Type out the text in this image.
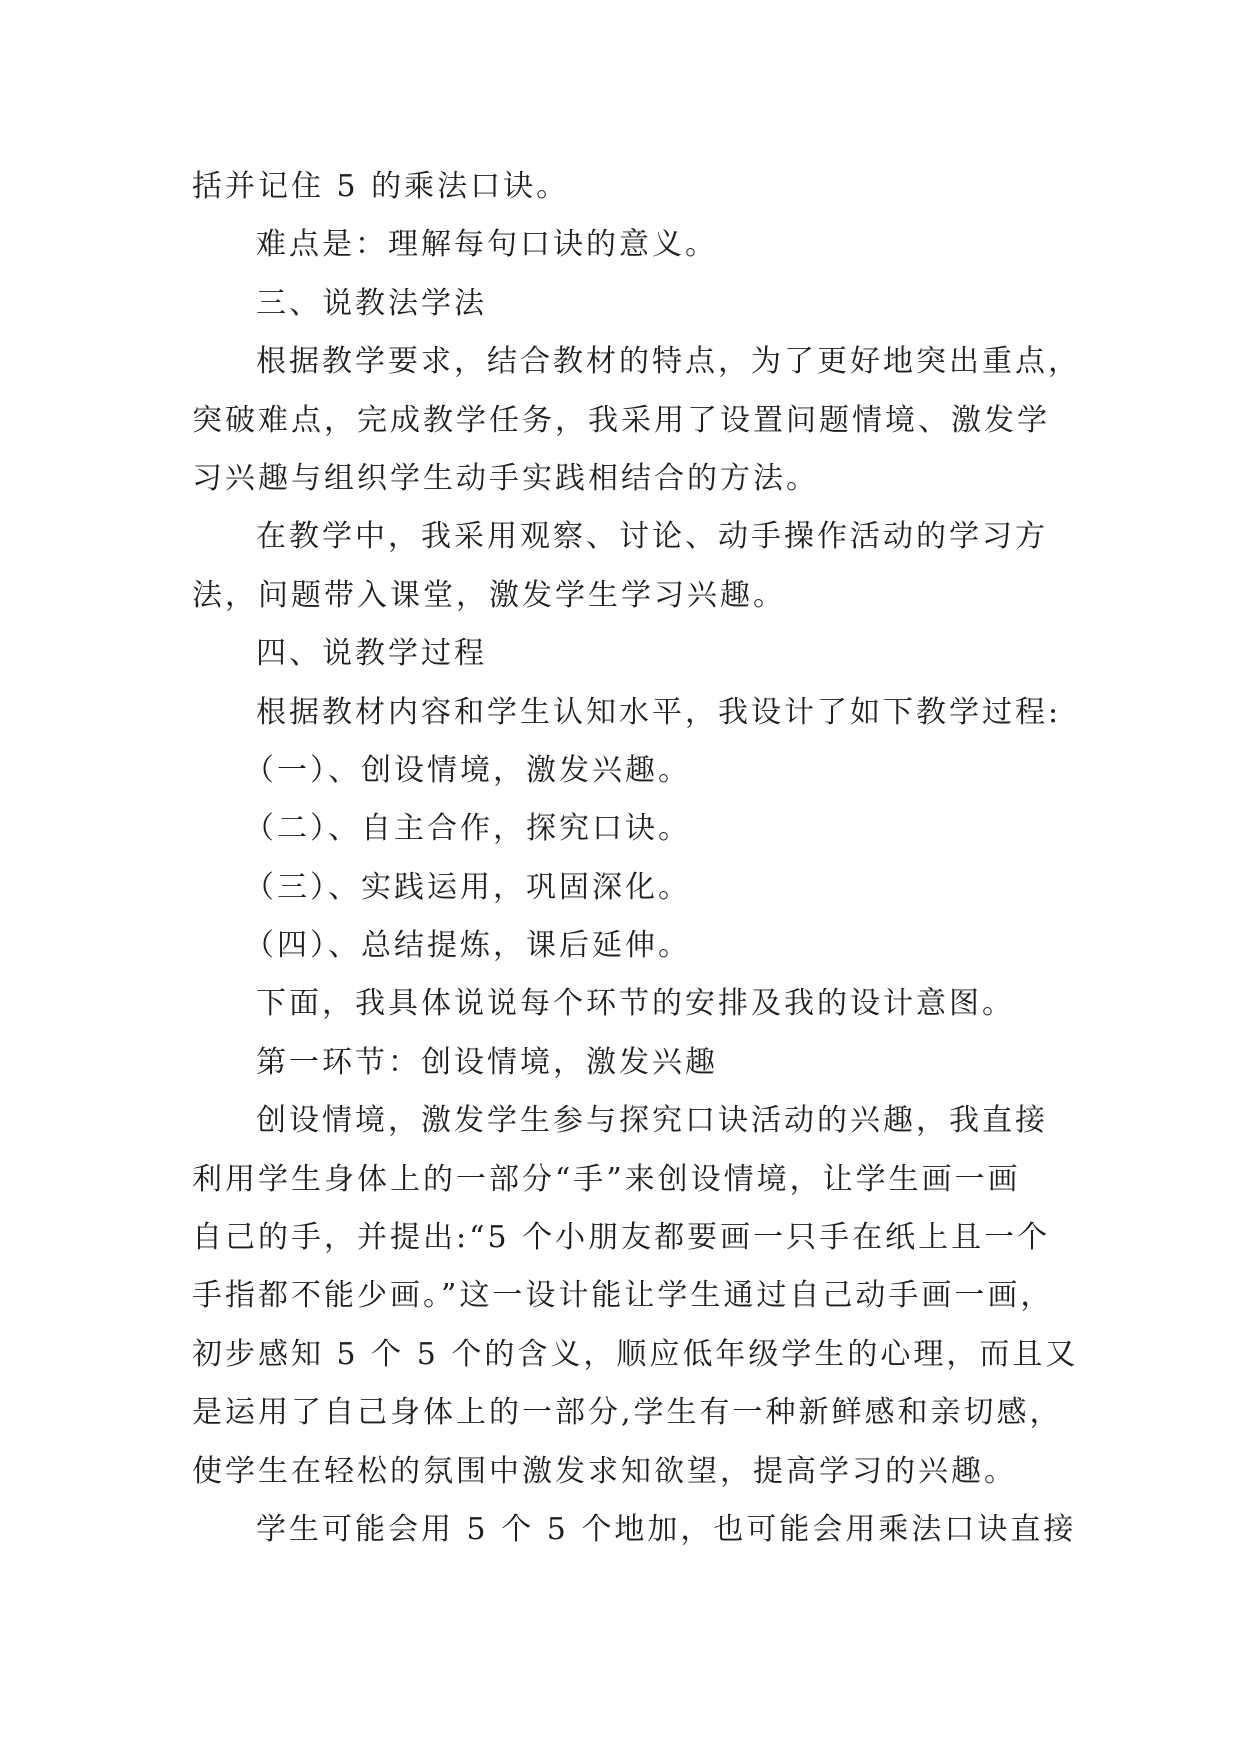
括并记住 5 的乘法口诀。

难点是：理解每句口诀的意义。

三、说教法学法

根据教学要求，结合教材的特点，为了更好地突出重点，

突破难点，完成教学任务，我采用了设置问题情境、激发学

习兴趣与组织学生动手实践相结合的方法。

在教学中，我采用观察、讨论、动手操作活动的学习方

法，问题带入课堂，激发学生学习兴趣。

四、说教学过程

根据教材内容和学生认知水平，我设计了如下教学过程:

（一）、创设情境，激发兴趣。

（二）、自主合作，探究口诀。

（三）、实践运用，巩固深化。

（四）、总结提炼，课后延伸。

下面，我具体说说每个环节的安排及我的设计意图。

第一环节：创设情境，激发兴趣

创设情境，激发学生参与探究口诀活动的兴趣，我直接

利用学生身体上的一部分“手”来创设情境，让学生画一画

自己的手，并提出:“5 个小朋友都要画一只手在纸上且一个

手指都不能少画。”这一设计能让学生通过自己动手画一画，

初步感知 5 个 5 个的含义，顺应低年级学生的心理，而且又

是运用了自己身体上的一部分,学生有一种新鲜感和亲切感，

使学生在轻松的氛围中激发求知欲望，提高学习的兴趣。

学生可能会用 5 个 5 个地加，也可能会用乘法口诀直接
